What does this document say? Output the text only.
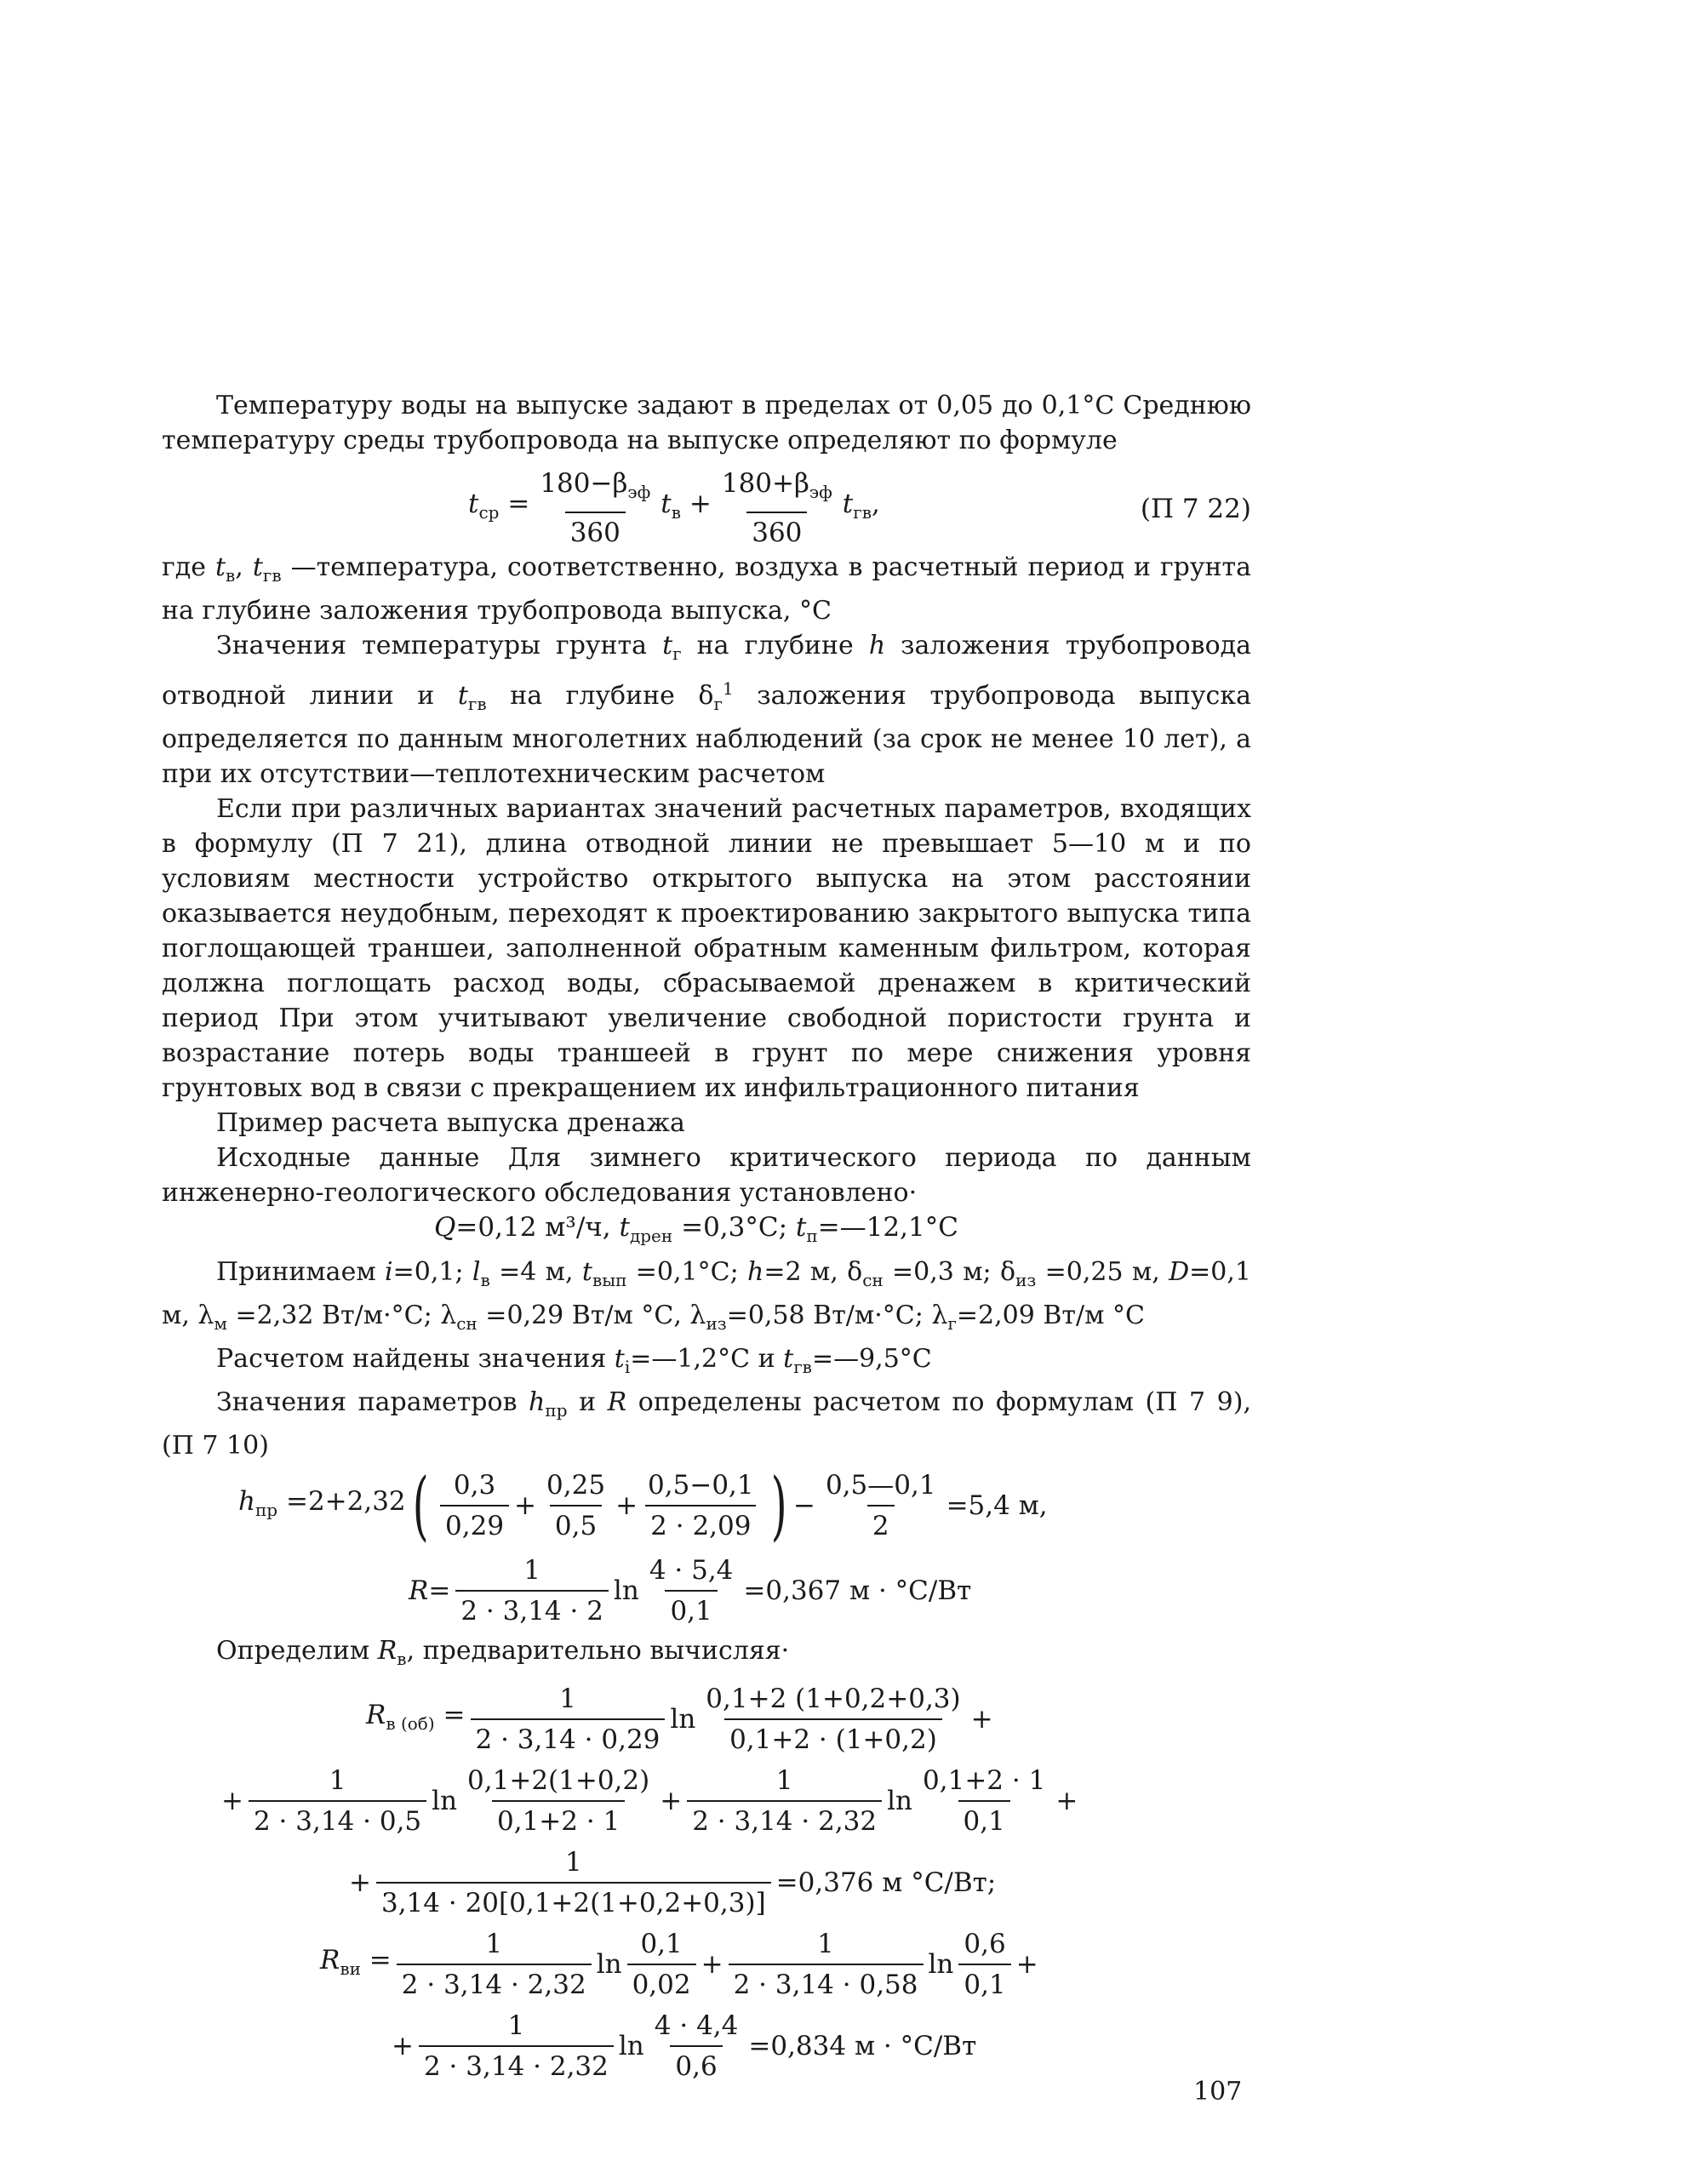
Температуру воды на выпуске задают в пределах от 0,05 до 0,1°С Среднюю температуру среды трубопровода на выпуске определяют по формуле

$t_{ср} = \frac{180-\beta_{эф}}{360} t_в + \frac{180+\beta_{эф}}{360} t_{гв}$,	(П 7 22)

где $t_в$, $t_{гв}$ —температура, соответственно, воздуха в расчетный период и грунта на глубине заложения трубопровода выпуска, °С

Значения температуры грунта $t_г$ на глубине h заложения трубопровода отводной линии и $t_{гв}$ на глубине $\delta_г^1$ заложения трубопровода выпуска определяется по данным многолетних наблюдений (за срок не менее 10 лет), а при их отсутствии—теплотехническим расчетом

Если при различных вариантах значений расчетных параметров, входящих в формулу (П 7 21), длина отводной линии не превышает 5—10 м и по условиям местности устройство открытого выпуска на этом расстоянии оказывается неудобным, переходят к проектированию закрытого выпуска типа поглощающей траншеи, заполненной обратным каменным фильтром, которая должна поглощать расход воды, сбрасываемой дренажем в критический период При этом учитывают увеличение свободной пористости грунта и возрастание потерь воды траншеей в грунт по мере снижения уровня грунтовых вод в связи с прекращением их инфильтрационного питания

Пример расчета выпуска дренажа

Исходные данные Для зимнего критического периода по данным инженерно-геологического обследования установлено·

Q=0,12 м³/ч, $t_{дрен} =0,3^\circ С$; $t_п=—12,1^\circ С$

Принимаем i=0,1; $l_в =4$ м, $t_{вып} =0,1^\circ С$; h=2 м, $\delta_{сн} =0,3$ м; $\delta_{из} =0,25$ м, D=0,1 м, $\lambda_м =2,32$ Вт/м·°С; $\lambda_{сн} =0,29$ Вт/м °С, $\lambda_{из}=0,58$ Вт/м·°С; $\lambda_г=2,09$ Вт/м °С

Расчетом найдены значения $t_i=—1,2^\circ С$ и $t_{гв}=—9,5^\circ С$

Значения параметров $h_{пр}$ и R определены расчетом по формулам (П 7 9), (П 7 10)

$h_{пр} =2+2,32$ ( $\frac{0,3}{0,29} + \frac{0,25}{0,5} + \frac{0,5-0,1}{2 \cdot 2,09}$ ) − $\frac{0,5—0,1}{2} =5,4$ м,
$R= \frac{1}{2 \cdot 3,14 \cdot 2}$ $\ln \frac{4 \cdot 5,4}{0,1} =0,367$ м · °С/Вт

Определим $R_в$, предварительно вычисляя·

$R_{в (об)} = \frac{1}{2 \cdot 3,14 \cdot 0,29}$ $\ln \frac{0,1+2 (1+0,2+0,3)}{0,1+2 \cdot (1+0,2)}$ +
+ $\frac{1}{2 \cdot 3,14 \cdot 0,5}$ $\ln \frac{0,1+2(1+0,2)}{0,1+2 \cdot 1} + \frac{1}{2 \cdot 3,14 \cdot 2,32}$ $\ln \frac{0,1+2 \cdot 1}{0,1}$ +
+ $\frac{1}{3,14 \cdot 20[0,1+2(1+0,2+0,3)]} =0,376$ м °С/Вт;
$R_{ви} = \frac{1}{2 \cdot 3,14 \cdot 2,32}$ $\ln \frac{0,1}{0,02} + \frac{1}{2 \cdot 3,14 \cdot 0,58}$ $\ln \frac{0,6}{0,1}$ +
+ $\frac{1}{2 \cdot 3,14 \cdot 2,32}$ $\ln \frac{4 \cdot 4,4}{0,6} =0,834$ м · °С/Вт
107
